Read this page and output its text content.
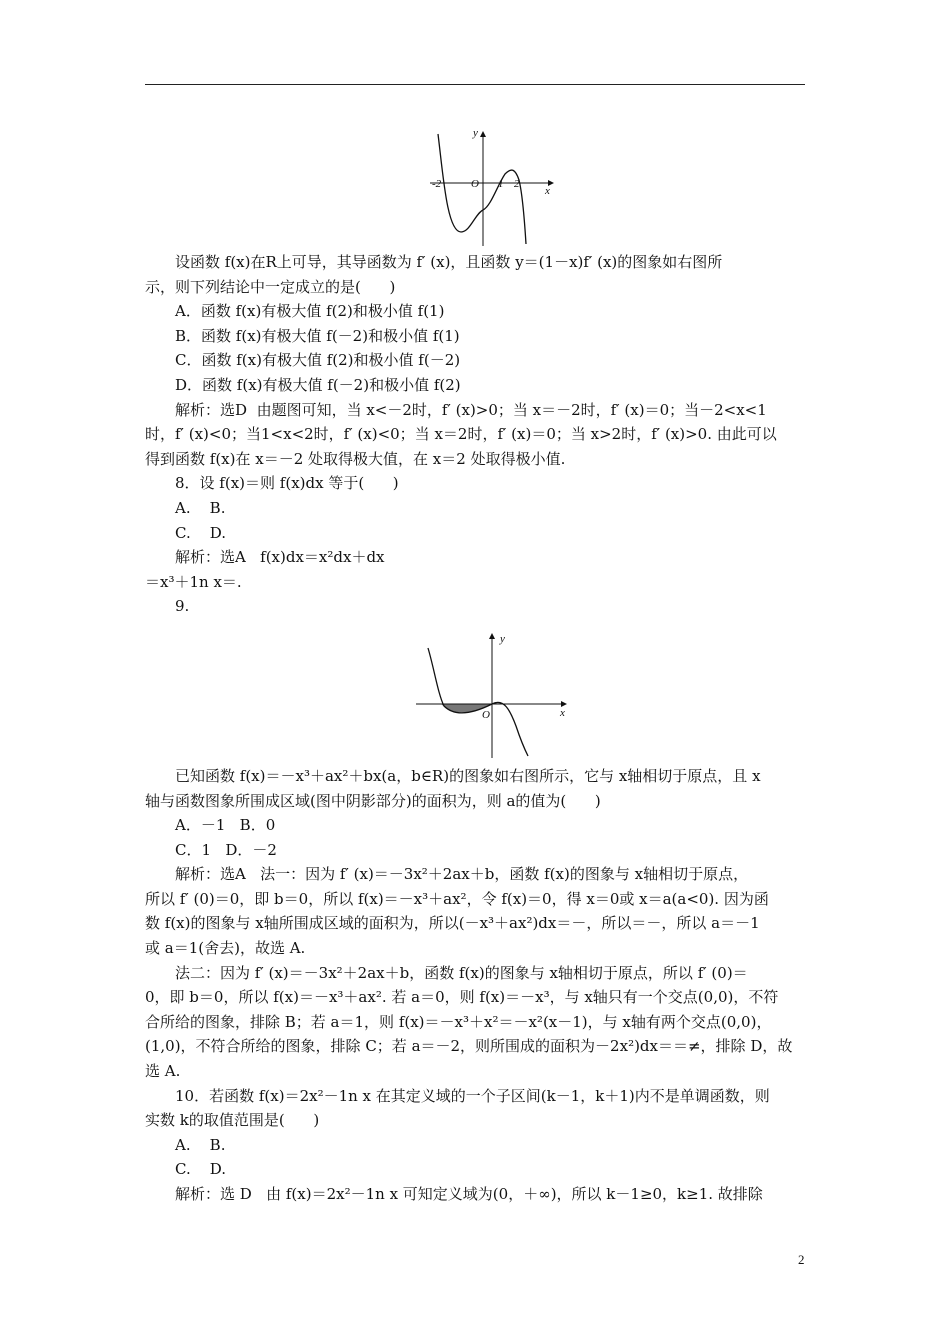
y
x
O
-2	1 2
y
x
O
设函数 f(x)在R上可导，其导函数为 f′ (x)，且函数 y＝(1－x)f′ (x)的图象如右图所
示，则下列结论中一定成立的是(      )
A．函数 f(x)有极大值 f(2)和极小值 f(1)
B．函数 f(x)有极大值 f(－2)和极小值 f(1)
C．函数 f(x)有极大值 f(2)和极小值 f(－2)
D．函数 f(x)有极大值 f(－2)和极小值 f(2)
解析：选D  由题图可知，当 x<－2时，f′ (x)>0；当 x＝－2时，f′ (x)＝0；当－2<x<1
时，f′ (x)<0；当1<x<2时，f′ (x)<0；当 x＝2时，f′ (x)＝0；当 x>2时，f′ (x)>0. 由此可以
得到函数 f(x)在 x＝－2 处取得极大值，在 x＝2 处取得极小值.
8．设 f(x)＝则 f(x)dx 等于(      )
A.    B.
C.    D.
解析：选A   f(x)dx＝x²dx＋dx
＝x³＋1n x＝.
9.
已知函数 f(x)＝－x³＋ax²＋bx(a，b∈R)的图象如右图所示，它与 x轴相切于原点，且 x
轴与函数图象所围成区域(图中阴影部分)的面积为，则 a的值为(      )
A．－1   B．0
C．1   D．－2
解析：选A   法一：因为 f′ (x)＝－3x²＋2ax＋b，函数 f(x)的图象与 x轴相切于原点，
所以 f′ (0)＝0，即 b＝0，所以 f(x)＝－x³＋ax²，令 f(x)＝0，得 x＝0或 x＝a(a<0). 因为函
数 f(x)的图象与 x轴所围成区域的面积为，所以(－x³＋ax²)dx＝－，所以＝－，所以 a＝－1
或 a＝1(舍去)，故选 A.
法二：因为 f′ (x)＝－3x²＋2ax＋b，函数 f(x)的图象与 x轴相切于原点，所以 f′ (0)＝
0，即 b＝0，所以 f(x)＝－x³＋ax². 若 a＝0，则 f(x)＝－x³，与 x轴只有一个交点(0,0)，不符
合所给的图象，排除 B；若 a＝1，则 f(x)＝－x³＋x²＝－x²(x－1)，与 x轴有两个交点(0,0)，
(1,0)，不符合所给的图象，排除 C；若 a＝－2，则所围成的面积为－2x²)dx＝＝≠，排除 D，故
选 A.
10．若函数 f(x)＝2x²－1n x 在其定义域的一个子区间(k－1，k＋1)内不是单调函数，则
实数 k的取值范围是(      )
A.    B.
C.    D.
解析：选 D   由 f(x)＝2x²－1n x 可知定义域为(0，＋∞)，所以 k－1≥0，k≥1. 故排除
2
